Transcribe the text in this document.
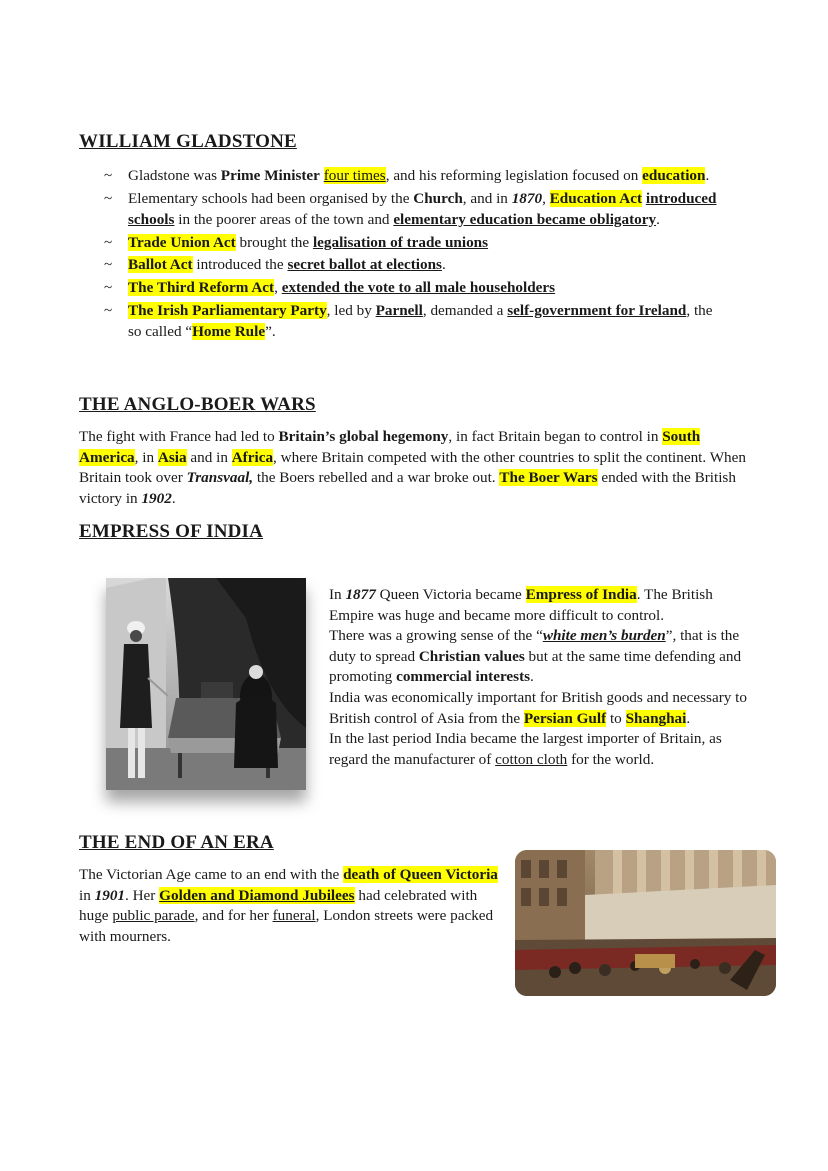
WILLIAM GLADSTONE
~ Gladstone was Prime Minister four times, and his reforming legislation focused on education.
~ Elementary schools had been organised by the Church, and in 1870, Education Act introduced schools in the poorer areas of the town and elementary education became obligatory.
~ Trade Union Act brought the legalisation of trade unions
~ Ballot Act introduced the secret ballot at elections.
~ The Third Reform Act, extended the vote to all male householders
~ The Irish Parliamentary Party, led by Parnell, demanded a self-government for Ireland, the so called “Home Rule”.
THE ANGLO-BOER WARS

The fight with France had led to Britain’s global hegemony, in fact Britain began to control in South America, in Asia and in Africa, where Britain competed with the other countries to split the continent. When Britain took over Transvaal, the Boers rebelled and a war broke out. The Boer Wars ended with the British victory in 1902.

EMPRESS OF INDIA

In 1877 Queen Victoria became Empress of India. The British Empire was huge and became more difficult to control.
There was a growing sense of the “white men’s burden”, that is the duty to spread Christian values but at the same time defending and promoting commercial interests.
India was economically important for British goods and necessary to British control of Asia from the Persian Gulf to Shanghai.
In the last period India became the largest importer of Britain, as regard the manufacturer of cotton cloth for the world.

THE END OF AN ERA

The Victorian Age came to an end with the death of Queen Victoria in 1901. Her Golden and Diamond Jubilees had celebrated with huge public parade, and for her funeral, London streets were packed with mourners.
